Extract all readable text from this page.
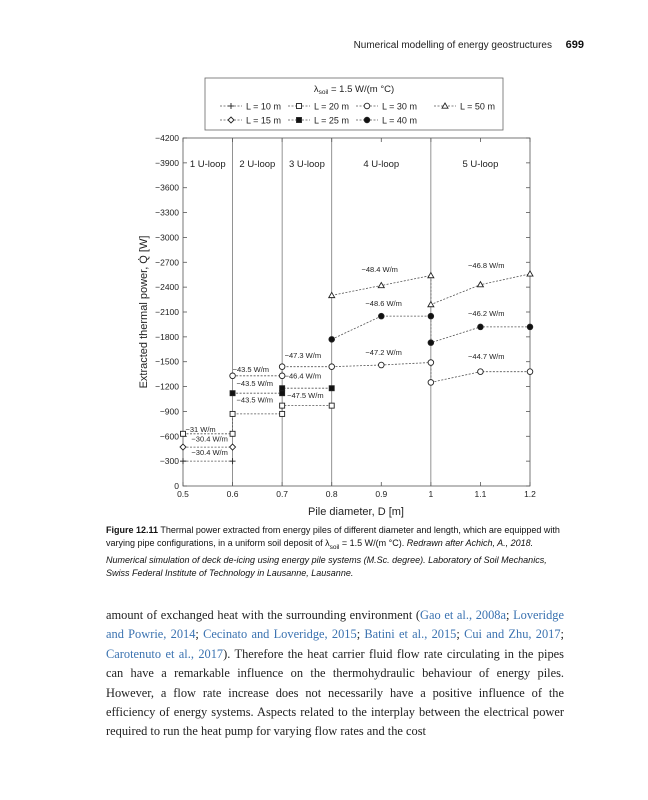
Numerical modelling of energy geostructures 699
$\lambda_{soil} = 1.5$ W/(m °C)
L = 10 m	L = 20 m	L = 30 m	L = 50 m
L = 15 m	L = 25 m	L = 40 m
1 U-loop 2 U-loop 3 U-loop	4 U-loop	5 U-loop
0
−300
−600
−900
−1200
−1500
−1800
−2100
−2400
−2700
−3000
−3300
−3600
−3900
−4200
0.5	0.6	0.7	0.8	0.9	1	1.1	1.2
−31 W/m
−30.4 W/m
−30.4 W/m
−43.5 W/m
−43.5 W/m
−43.5 W/m
−47.3 W/m
−46.4 W/m
−47.5 W/m
−48.4 W/m
−48.6 W/m
−47.2 W/m
−46.8 W/m
−46.2 W/m
−44.7 W/m
Pile diameter, D [m]
Extracted thermal power, Q̇ [W]
Figure 12.11 Thermal power extracted from energy piles of different diameter and length, which are equipped with varying pipe configurations, in a uniform soil deposit of $\lambda_{soil} = 1.5$ W/(m °C). Redrawn after Achich, A., 2018. Numerical simulation of deck de-icing using energy pile systems (M.Sc. degree). Laboratory of Soil Mechanics, Swiss Federal Institute of Technology in Lausanne, Lausanne.
amount of exchanged heat with the surrounding environment (Gao et al., 2008a; Loveridge and Powrie, 2014; Cecinato and Loveridge, 2015; Batini et al., 2015; Cui and Zhu, 2017; Carotenuto et al., 2017). Therefore the heat carrier fluid flow rate circulating in the pipes can have a remarkable influence on the thermohydraulic behaviour of energy piles. However, a flow rate increase does not necessarily have a positive influence of the efficiency of energy systems. Aspects related to the interplay between the electrical power required to run the heat pump for varying flow rates and the cost
